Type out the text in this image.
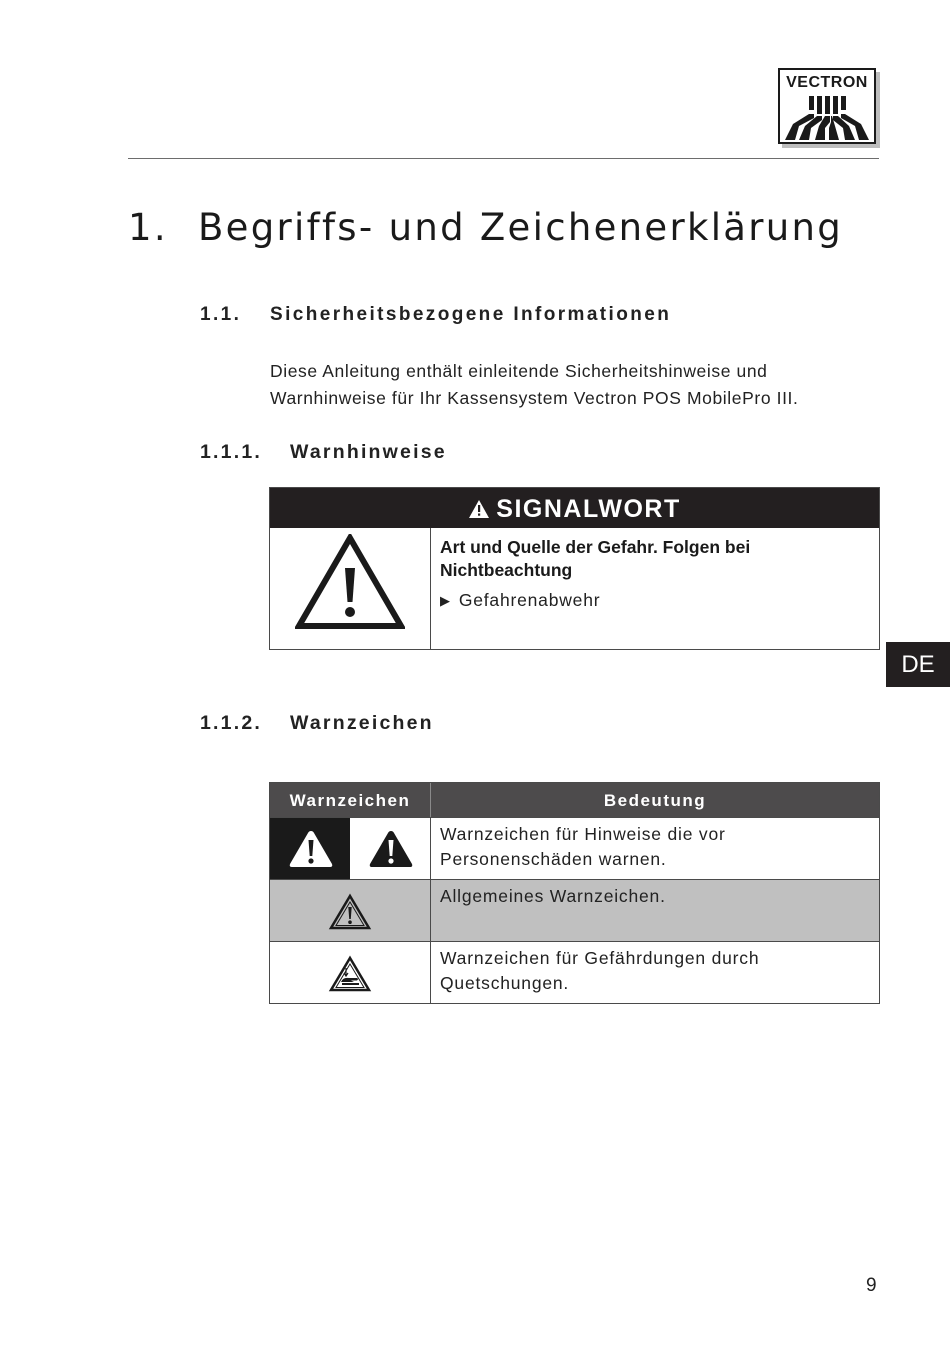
VECTRON
1. Begriffs- und Zeichenerklärung
1.1. Sicherheitsbezogene Informationen
Diese Anleitung enthält einleitende Sicherheitshinweise und
Warnhinweise für Ihr Kassensystem Vectron POS MobilePro III.
1.1.1. Warnhinweise
SIGNALWORT

Art und Quelle der Gefahr. Folgen bei Nichtbeachtung

▶ Gefahrenabwehr
DE
1.1.2. Warnzeichen
Warnzeichen	Bedeutung
Warnzeichen für Hinweise die vor Personenschäden warnen.
Allgemeines Warnzeichen.
Warnzeichen für Gefährdungen durch Quetschungen.
9
